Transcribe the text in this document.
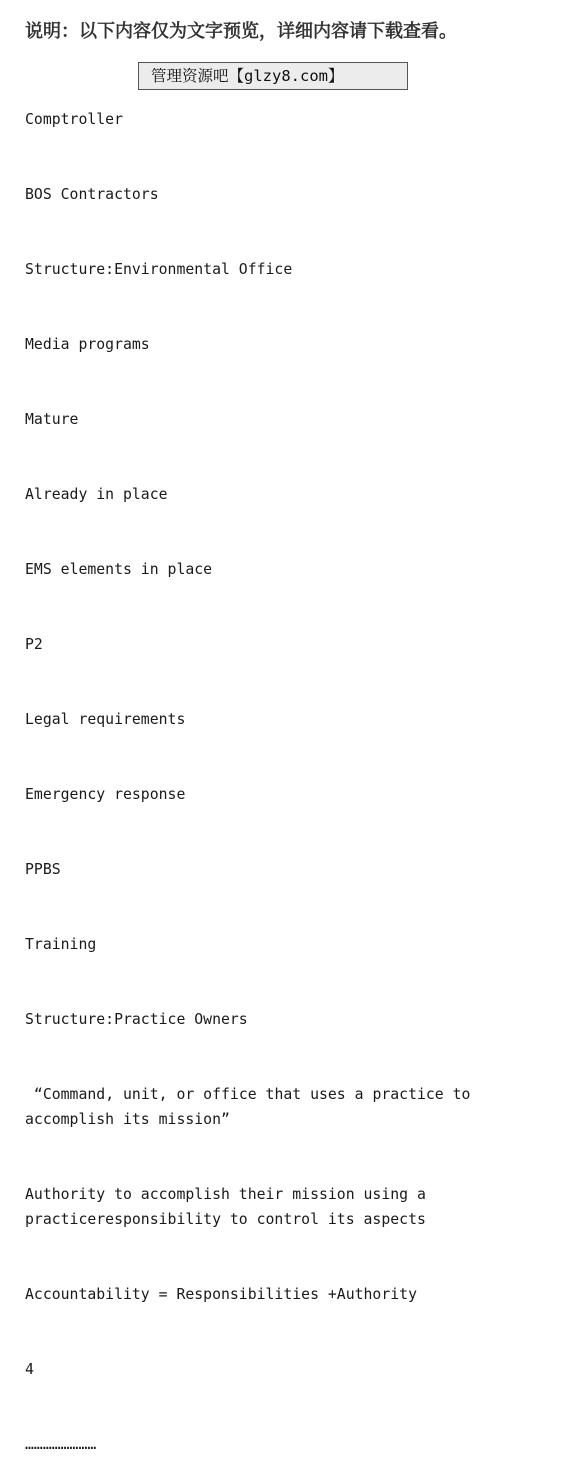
说明：以下内容仅为文字预览，详细内容请下载查看。

Comptroller

BOS Contractors

Structure:Environmental Office

Media programs

Mature

Already in place

EMS elements in place

P2

Legal requirements

Emergency response

PPBS

Training

Structure:Practice Owners

“Command, unit, or office that uses a practice to accomplish its mission”

Authority to accomplish their mission using a practiceresponsibility to control its aspects

Accountability = Responsibilities +Authority

4

……………………

管理资源吧【glzy8.com】
